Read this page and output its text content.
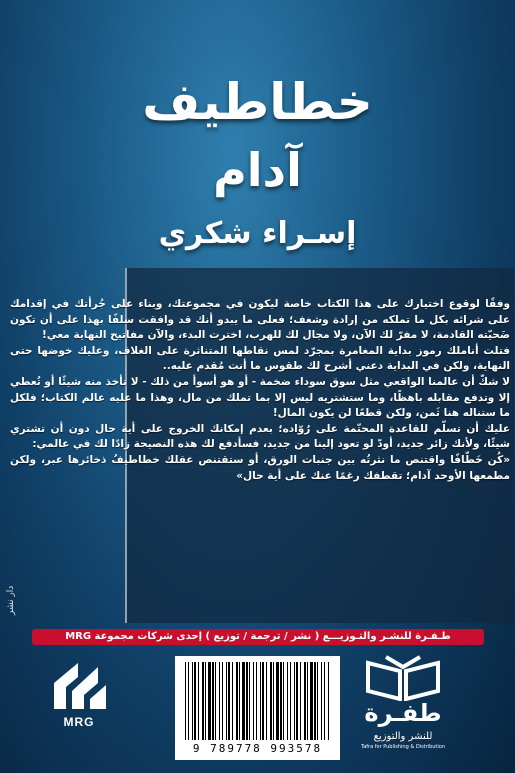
خطاطيف
آدام
إسـراء شكري

وفقًا لوقوع اختيارك على هذا الكتاب خاصة ليكون في مجموعتك، وبناء على جُرأتك في إقدامك على شرائه بكل ما تملكه من إرادة وشغف؛ فعلى ما يبدو أنك قد وافقت سلفًا بهذا على أن تكون ضَحيّته القادمة، لا مفرّ لك الآن، ولا مجال لك للهرب، اخترت البدء، والآن مفاتيح النهاية معي!

فتلت أناملك رموز بداية المغامرة بمجرّد لمس نقاطها المتناثرة على الغلاف، وعليك خوضها حتى النهاية، ولكن في البداية دعني أشرح لك طقوس ما أنت مُقدم عليه..

لا شكّ أن عالمنا الواقعي مثل سوق سوداء ضخمة - أو هو أسوأ من ذلك - لا تأخذ منه شيئًا أو تُعطي إلا وتدفع مقابله باهظًا، وما ستشتريه ليس إلا بما تملك من مال، وهذا ما عليه عالم الكتاب؛ فلكل ما ستناله هنا ثَمن، ولكن قطعًا لن يكون المال!

عليك أن تسلّم للقاعدة المحتّمة على رُوّاده؛ بعدم إمكانك الخروج على أية حال دون أن تشتري شيئًا، ولأنك زائر جديد، أودّ لو تعود إلينا من جديد، فسأدفع لك هذه النصيحة زادًا لك في عالمي:

«كُن خَطّافًا واقتنص ما نثرتُه بين جنبات الورق، أو ستقتنص عقلك خطاطيفُ ذخائرها عبر، ولكن مطمعها الأوحد آدام؛ تقطفك رغمًا عنك على أية حال»

دار نشر
طـفـرة للنشـر والتـوزيـــع ( نشر / ترجمة / توزيع ) إحدى شركات مجموعة MRG
MRG
9 789778 993578
طفـرة
للنشر والتوزيع
Tafra for Publishing & Distribution
